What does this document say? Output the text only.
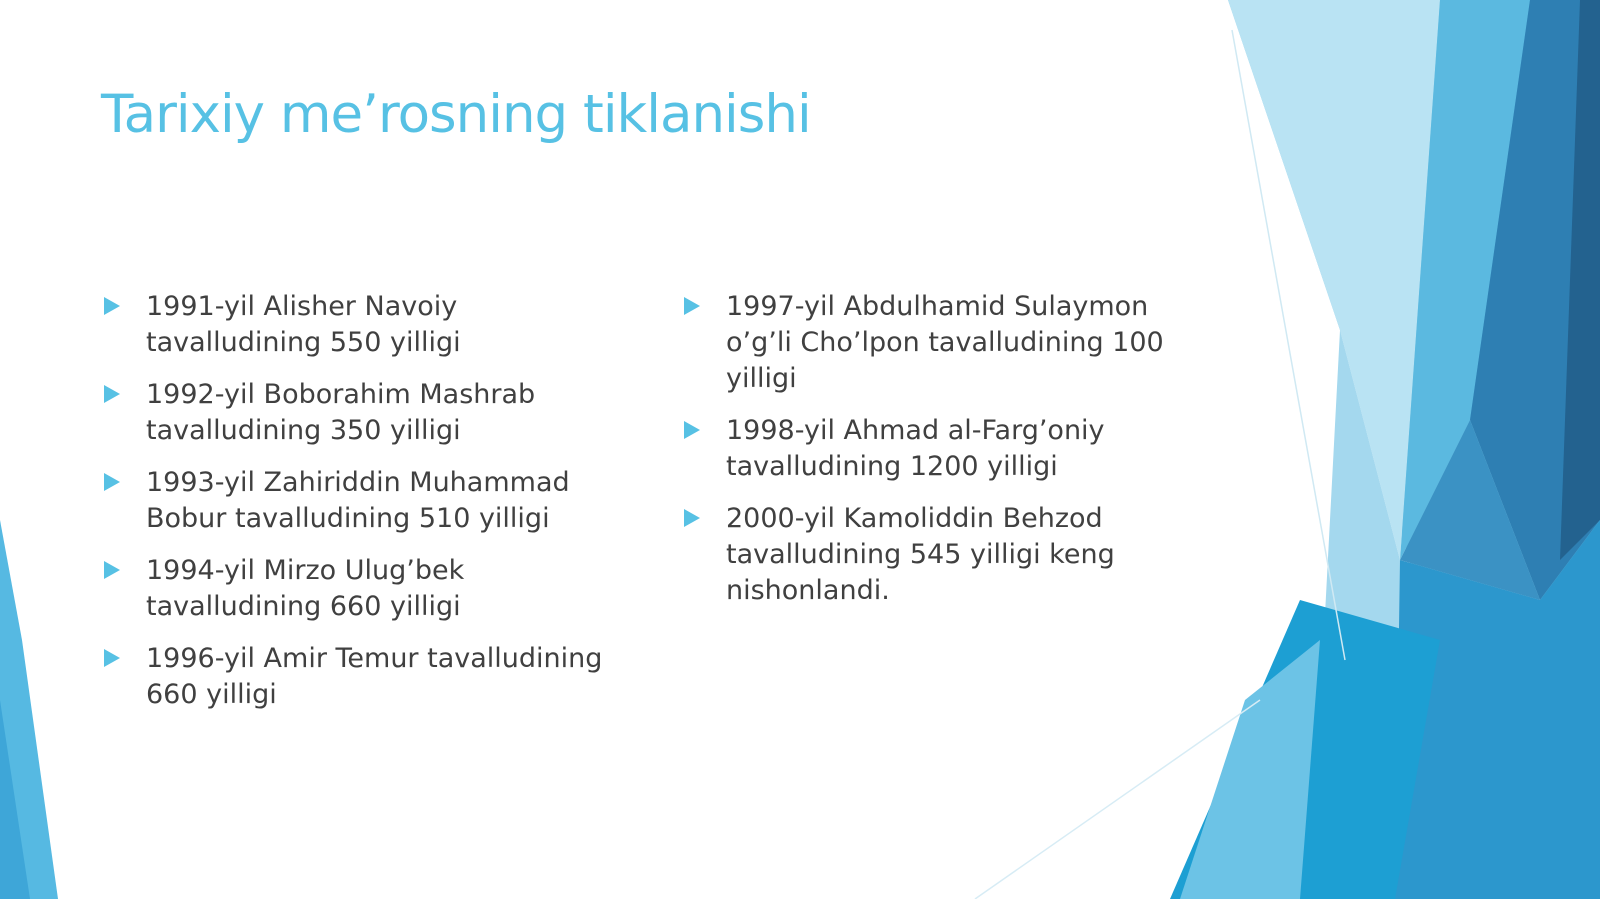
Tarixiy me’rosning tiklanishi
1991-yil Alisher Navoiy tavalludining 550 yilligi
1992-yil Boborahim Mashrab tavalludining 350 yilligi
1993-yil Zahiriddin Muhammad Bobur tavalludining 510 yilligi
1994-yil Mirzo Ulug’bek tavalludining 660 yilligi
1996-yil Amir Temur tavalludining 660 yilligi
1997-yil Abdulhamid Sulaymon o’g’li Cho’lpon tavalludining 100 yilligi
1998-yil Ahmad al-Farg’oniy tavalludining 1200 yilligi
2000-yil Kamoliddin Behzod tavalludining 545 yilligi keng nishonlandi.
